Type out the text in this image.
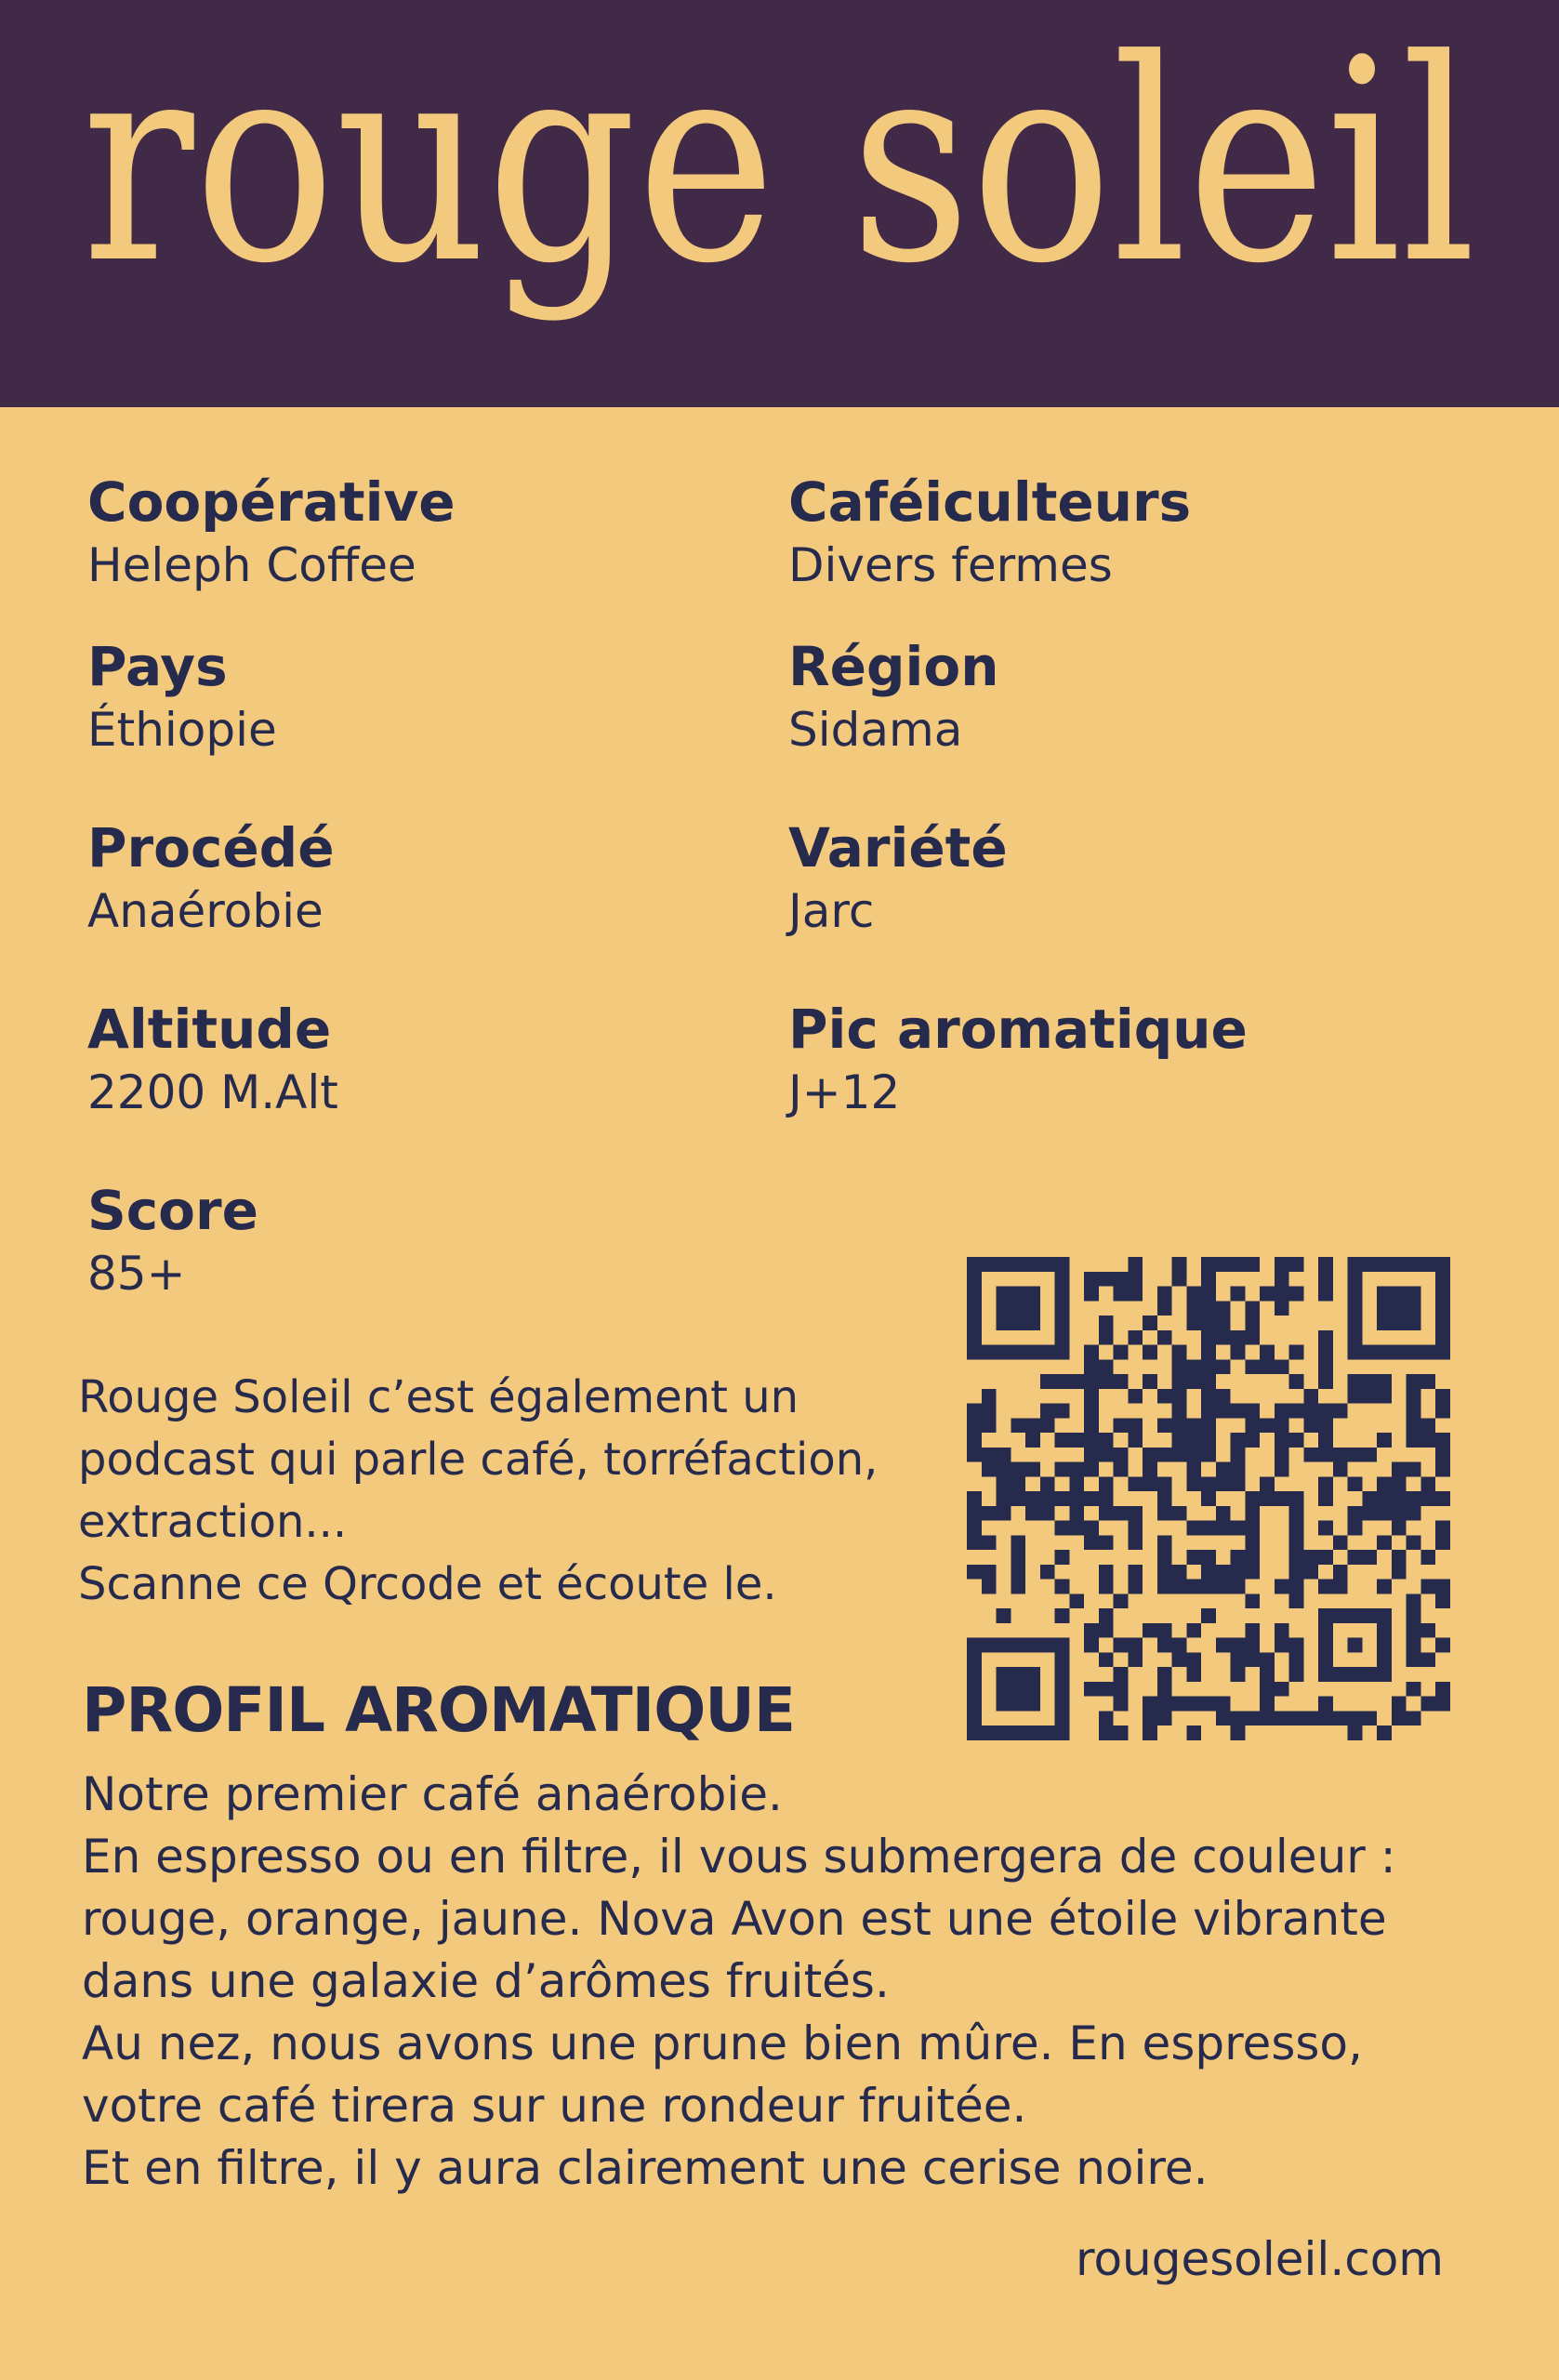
rouge soleil
Coopérative
Heleph Coffee
Caféiculteurs
Divers fermes
Pays
Éthiopie
Région
Sidama
Procédé
Anaérobie
Variété
Jarc
Altitude
2200 M.Alt
Pic aromatique
J+12
Score
85+
Rouge Soleil c’est également un
podcast qui parle café, torréfaction,
extraction...
Scanne ce Qrcode et écoute le.
PROFIL AROMATIQUE
Notre premier café anaérobie.
En espresso ou en filtre, il vous submergera de couleur :
rouge, orange, jaune. Nova Avon est une étoile vibrante
dans une galaxie d’arômes fruités.
Au nez, nous avons une prune bien mûre. En espresso,
votre café tirera sur une rondeur fruitée.
Et en filtre, il y aura clairement une cerise noire.
rougesoleil.com
